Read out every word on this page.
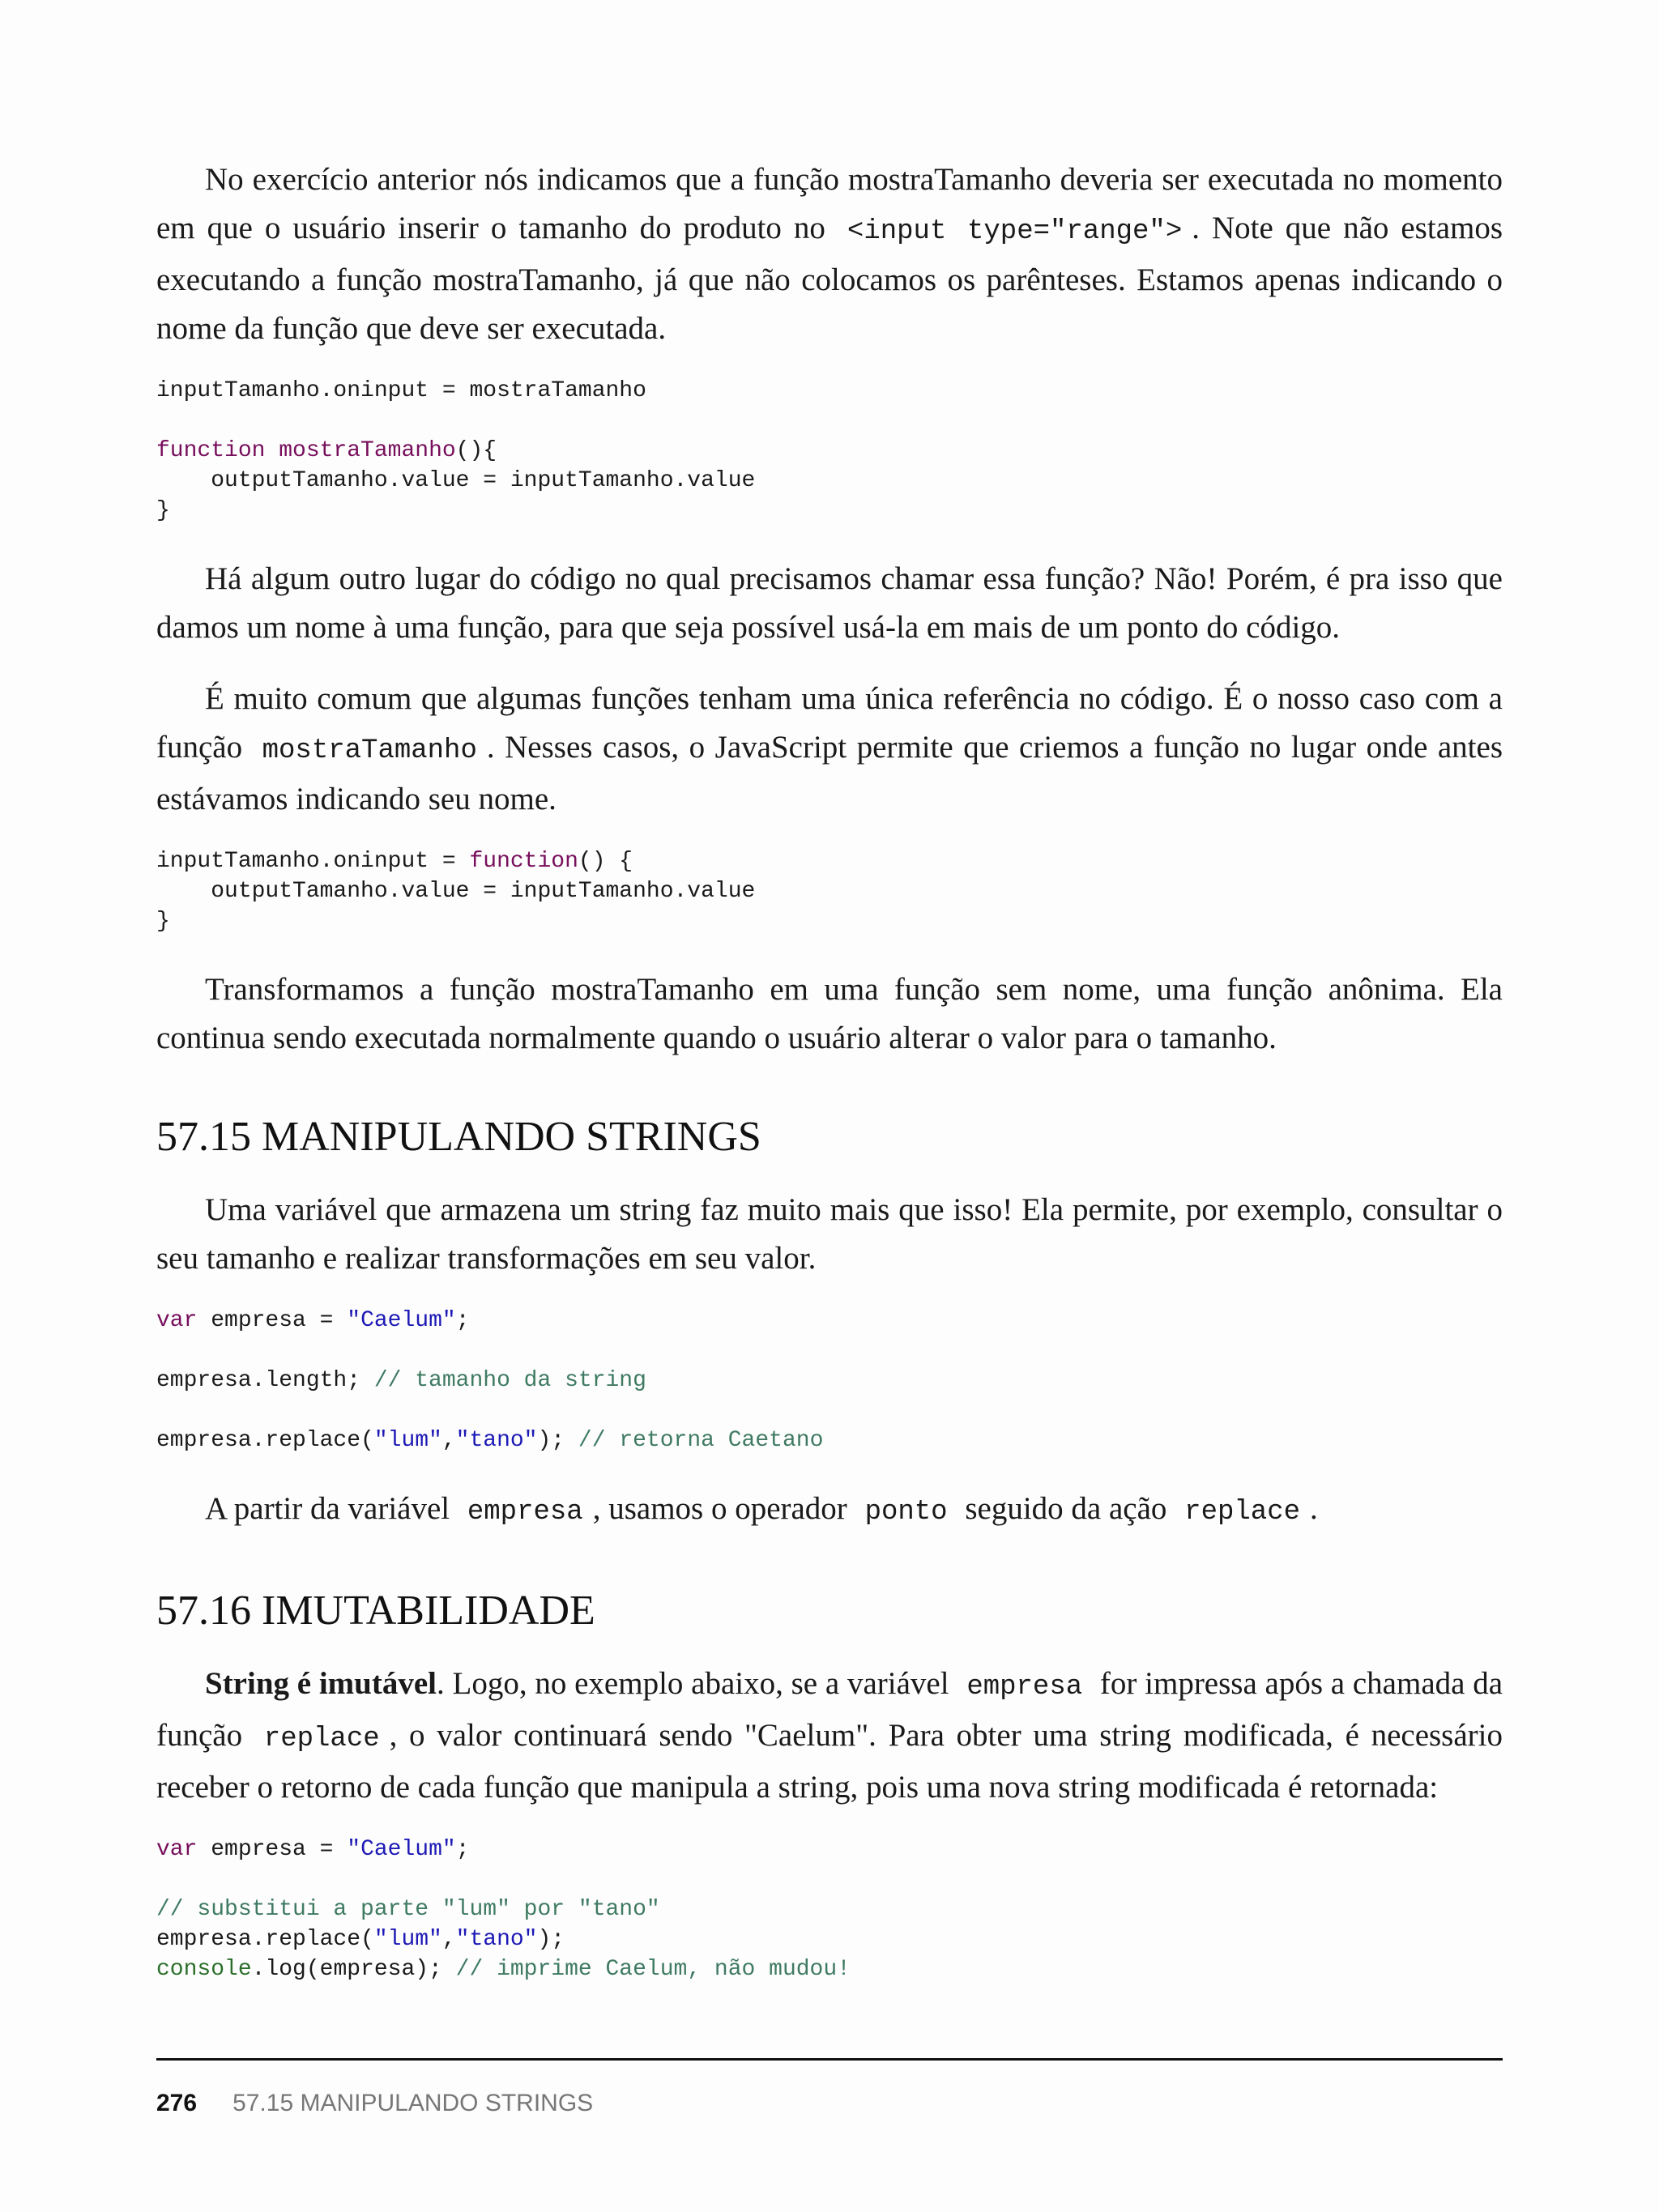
No exercício anterior nós indicamos que a função mostraTamanho deveria ser executada no momento em que o usuário inserir o tamanho do produto no <input type="range"> . Note que não estamos executando a função mostraTamanho, já que não colocamos os parênteses. Estamos apenas indicando o nome da função que deve ser executada.

inputTamanho.oninput = mostraTamanho

function mostraTamanho(){
outputTamanho.value = inputTamanho.value
}

Há algum outro lugar do código no qual precisamos chamar essa função? Não! Porém, é pra isso que damos um nome à uma função, para que seja possível usá-la em mais de um ponto do código.

É muito comum que algumas funções tenham uma única referência no código. É o nosso caso com a função mostraTamanho . Nesses casos, o JavaScript permite que criemos a função no lugar onde antes estávamos indicando seu nome.

inputTamanho.oninput = function() {
outputTamanho.value = inputTamanho.value
}

Transformamos a função mostraTamanho em uma função sem nome, uma função anônima. Ela continua sendo executada normalmente quando o usuário alterar o valor para o tamanho.

57.15 MANIPULANDO STRINGS

Uma variável que armazena um string faz muito mais que isso! Ela permite, por exemplo, consultar o seu tamanho e realizar transformações em seu valor.

var empresa = "Caelum";

empresa.length; // tamanho da string

empresa.replace("lum","tano"); // retorna Caetano

A partir da variável empresa , usamos o operador ponto seguido da ação replace .

57.16 IMUTABILIDADE

String é imutável. Logo, no exemplo abaixo, se a variável empresa for impressa após a chamada da função replace , o valor continuará sendo "Caelum". Para obter uma string modificada, é necessário receber o retorno de cada função que manipula a string, pois uma nova string modificada é retornada:

var empresa = "Caelum";

// substitui a parte "lum" por "tano"
empresa.replace("lum","tano");
console.log(empresa); // imprime Caelum, não mudou!
276 57.15 MANIPULANDO STRINGS
